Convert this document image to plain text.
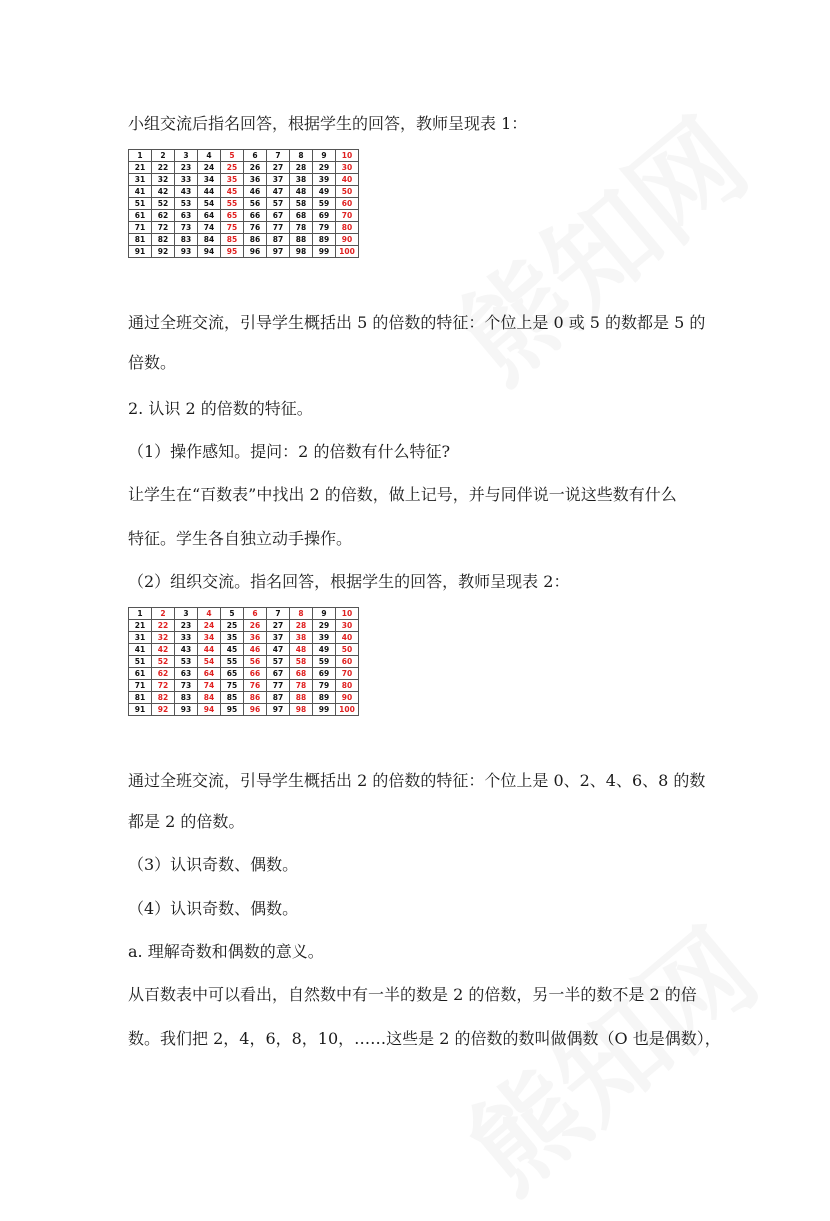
小组交流后指名回答，根据学生的回答，教师呈现表 1：

1	2	3	4	5	6	7	8	9	10
21	22	23	24	25	26	27	28	29	30
31	32	33	34	35	36	37	38	39	40
41	42	43	44	45	46	47	48	49	50
51	52	53	54	55	56	57	58	59	60
61	62	63	64	65	66	67	68	69	70
71	72	73	74	75	76	77	78	79	80
81	82	83	84	85	86	87	88	89	90
91	92	93	94	95	96	97	98	99	100

通过全班交流，引导学生概括出 5 的倍数的特征：个位上是 0 或 5 的数都是 5 的

倍数。

2. 认识 2 的倍数的特征。

（1）操作感知。提问：2 的倍数有什么特征?

让学生在“百数表”中找出 2 的倍数，做上记号，并与同伴说一说这些数有什么

特征。学生各自独立动手操作。

（2）组织交流。指名回答，根据学生的回答，教师呈现表 2：

1	2	3	4	5	6	7	8	9	10
21	22	23	24	25	26	27	28	29	30
31	32	33	34	35	36	37	38	39	40
41	42	43	44	45	46	47	48	49	50
51	52	53	54	55	56	57	58	59	60
61	62	63	64	65	66	67	68	69	70
71	72	73	74	75	76	77	78	79	80
81	82	83	84	85	86	87	88	89	90
91	92	93	94	95	96	97	98	99	100

通过全班交流，引导学生概括出 2 的倍数的特征：个位上是 0、2、4、6、8 的数

都是 2 的倍数。

（3）认识奇数、偶数。

（4）认识奇数、偶数。

a. 理解奇数和偶数的意义。

从百数表中可以看出，自然数中有一半的数是 2 的倍数，另一半的数不是 2 的倍

数。我们把 2，4，6，8，10，……这些是 2 的倍数的数叫做偶数（O 也是偶数），
